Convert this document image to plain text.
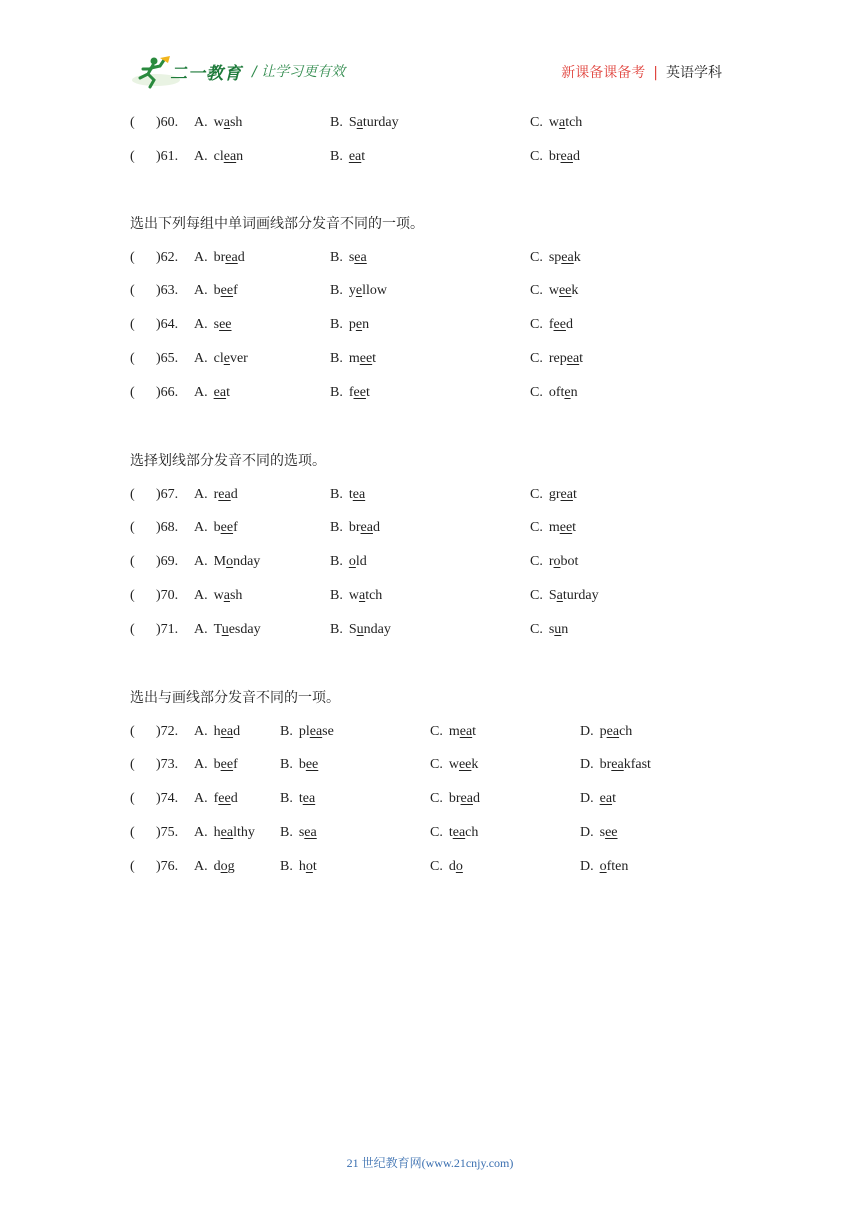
二一教育 / 让学习更有效	新课备课备考 | 英语学科
( )60. A. wash	B. Saturday	C. watch
( )61. A. clean	B. eat	C. bread
选出下列每组中单词画线部分发音不同的一项。
( )62. A. bread	B. sea	C. speak
( )63. A. beef	B. yellow	C. week
( )64. A. see	B. pen	C. feed
( )65. A. clever	B. meet	C. repeat
( )66. A. eat	B. feet	C. often
选择划线部分发音不同的选项。
( )67. A. read	B. tea	C. great
( )68. A. beef	B. bread	C. meet
( )69. A. Monday	B. old	C. robot
( )70. A. wash	B. watch	C. Saturday
( )71. A. Tuesday	B. Sunday	C. sun
选出与画线部分发音不同的一项。
( )72. A. head	B. please	C. meat	D. peach
( )73. A. beef	B. bee	C. week	D. breakfast
( )74. A. feed	B. tea	C. bread	D. eat
( )75. A. healthy B. sea	C. teach	D. see
( )76. A. dog	B. hot	C. do	D. often
21 世纪教育网(www.21cnjy.com)
